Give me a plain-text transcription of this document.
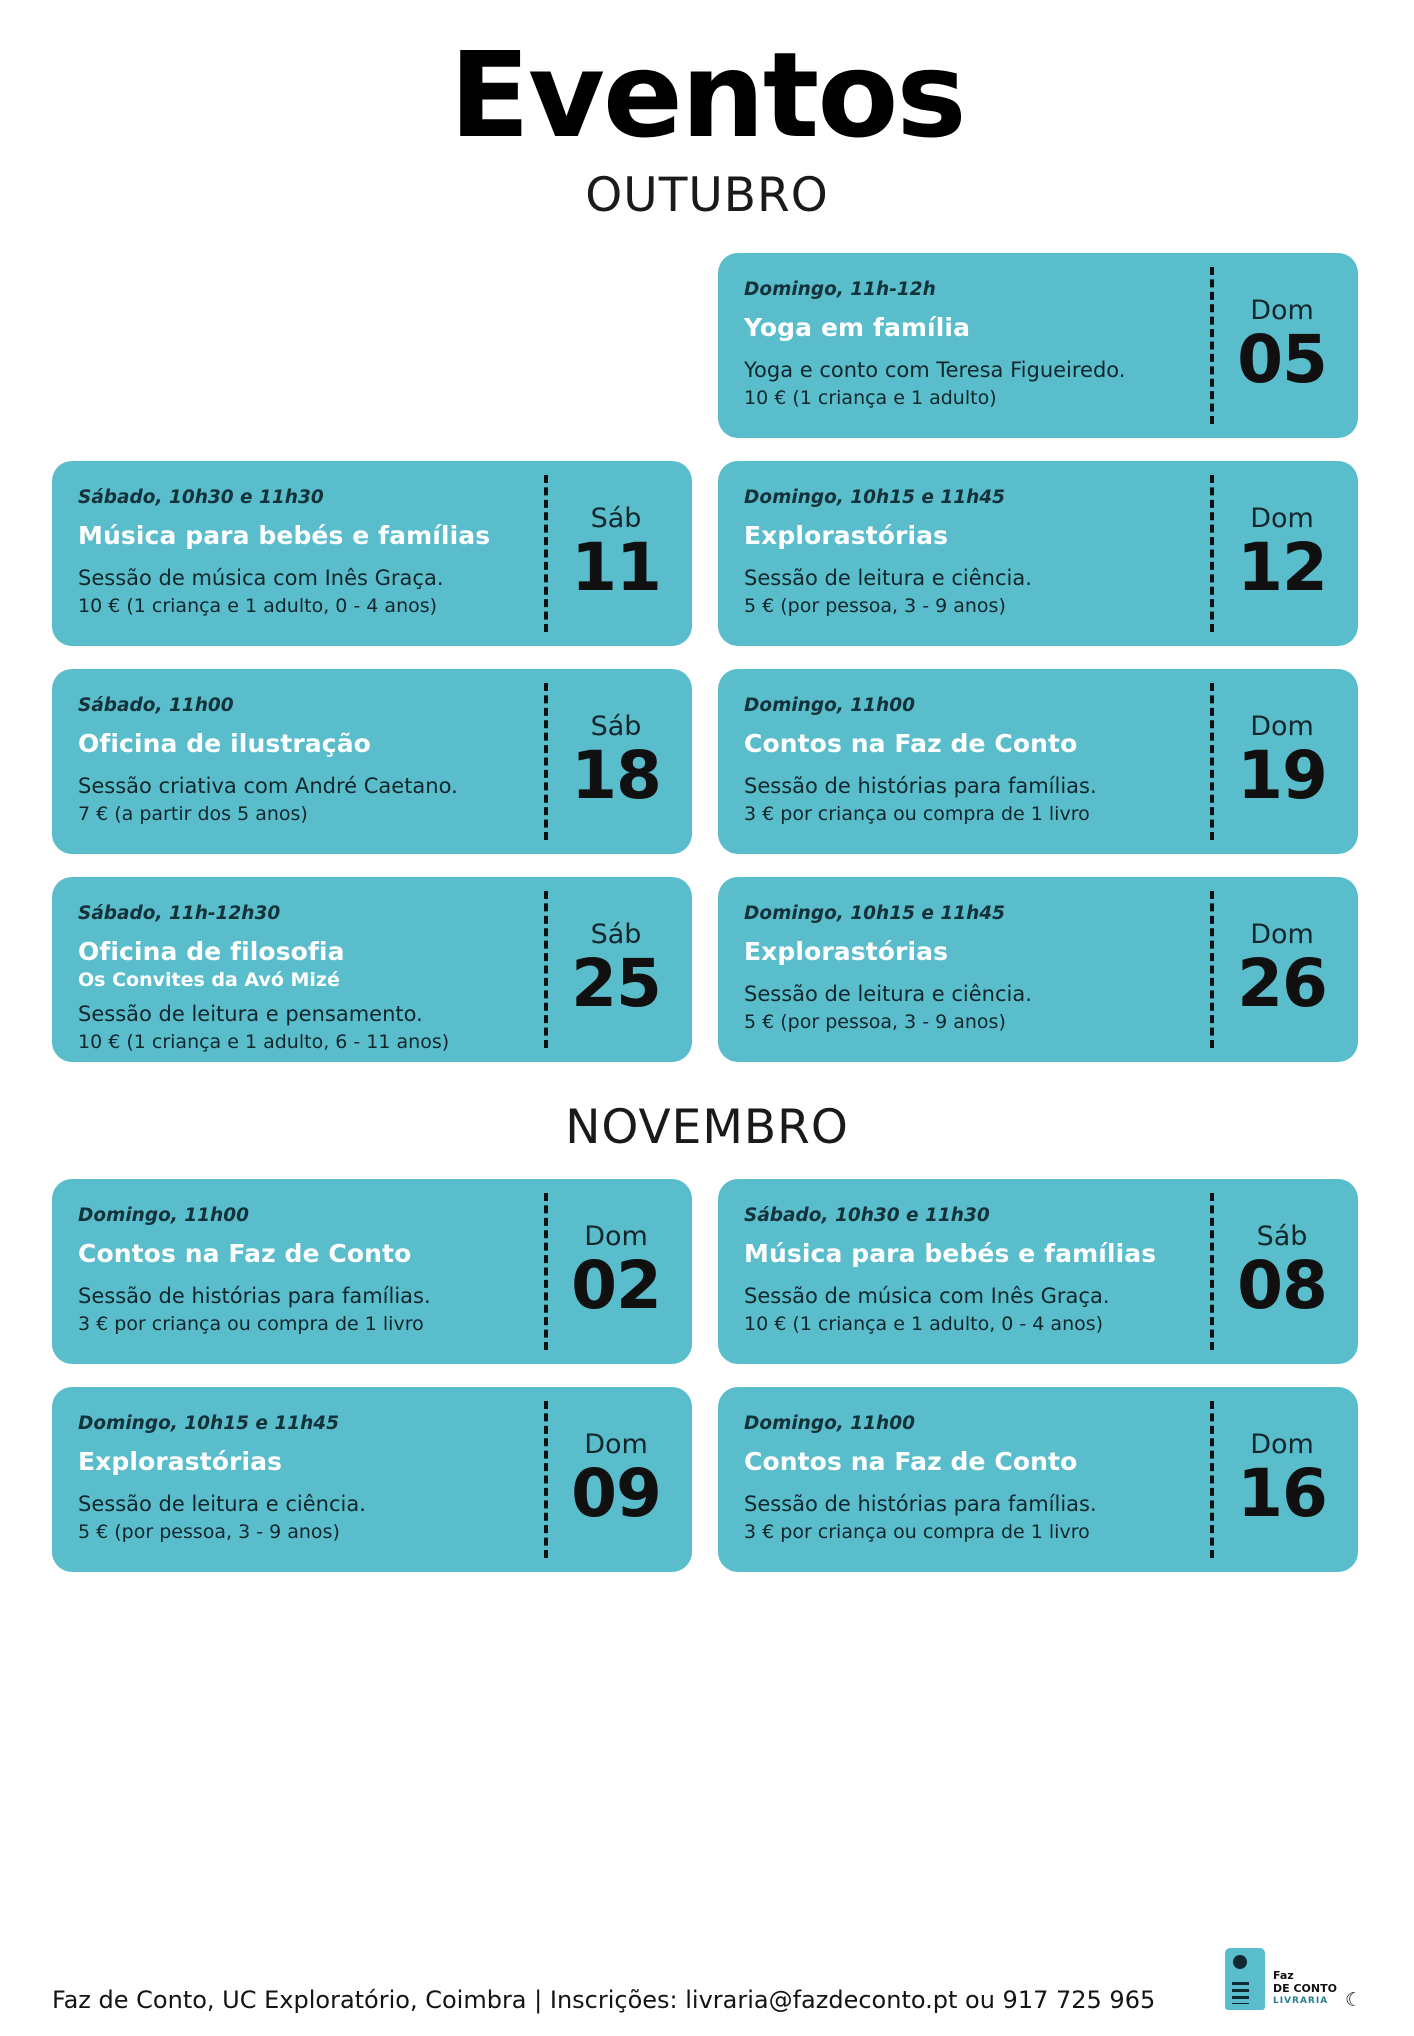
Eventos
OUTUBRO
Domingo, 11h-12h
Yoga em família
Yoga e conto com Teresa Figueiredo.
10 € (1 criança e 1 adulto)
Dom
05
Sábado, 10h30 e 11h30
Música para bebés e famílias
Sessão de música com Inês Graça.
10 € (1 criança e 1 adulto, 0 - 4 anos)
Sáb
11
Domingo, 10h15 e 11h45
Explorastórias
Sessão de leitura e ciência.
5 € (por pessoa, 3 - 9 anos)
Dom
12
Sábado, 11h00
Oficina de ilustração
Sessão criativa com André Caetano.
7 € (a partir dos 5 anos)
Sáb
18
Domingo, 11h00
Contos na Faz de Conto
Sessão de histórias para famílias.
3 € por criança ou compra de 1 livro
Dom
19
Sábado, 11h-12h30
Oficina de filosofia
Os Convites da Avó Mizé
Sessão de leitura e pensamento.
10 € (1 criança e 1 adulto, 6 - 11 anos)
Sáb
25
Domingo, 10h15 e 11h45
Explorastórias
Sessão de leitura e ciência.
5 € (por pessoa, 3 - 9 anos)
Dom
26
NOVEMBRO
Domingo, 11h00
Contos na Faz de Conto
Sessão de histórias para famílias.
3 € por criança ou compra de 1 livro
Dom
02
Sábado, 10h30 e 11h30
Música para bebés e famílias
Sessão de música com Inês Graça.
10 € (1 criança e 1 adulto, 0 - 4 anos)
Sáb
08
Domingo, 10h15 e 11h45
Explorastórias
Sessão de leitura e ciência.
5 € (por pessoa, 3 - 9 anos)
Dom
09
Domingo, 11h00
Contos na Faz de Conto
Sessão de histórias para famílias.
3 € por criança ou compra de 1 livro
Dom
16
Faz de Conto, UC Exploratório, Coimbra | Inscrições: livraria@fazdeconto.pt ou 917 725 965
Faz
DE CONTO
LIVRARIA ☾
